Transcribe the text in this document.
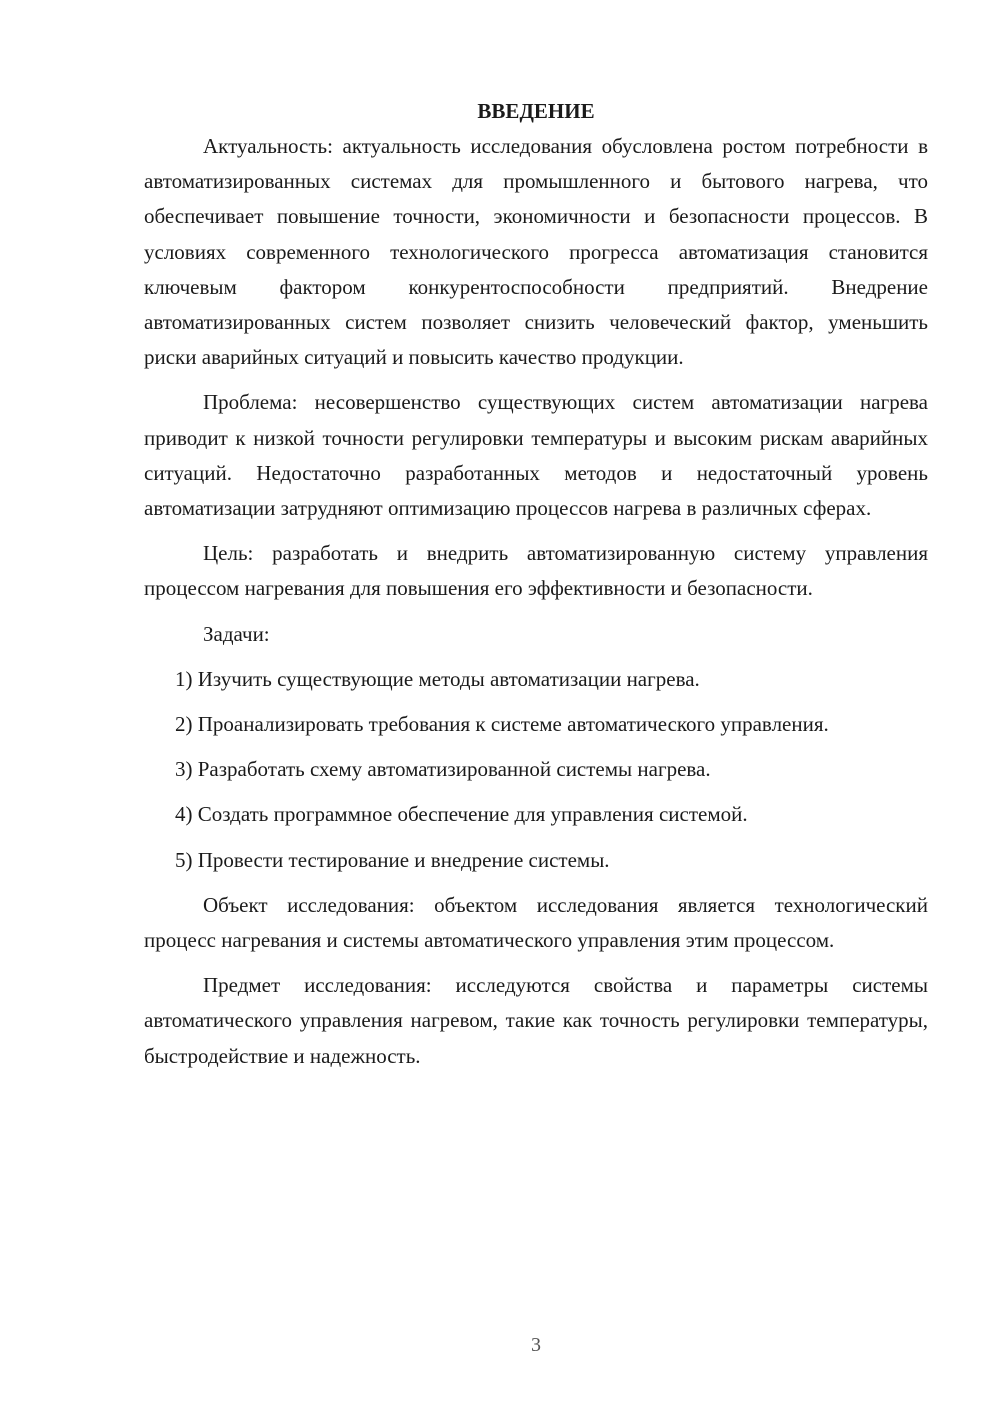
ВВЕДЕНИЕ

Актуальность: актуальность исследования обусловлена ростом потребности в автоматизированных системах для промышленного и бытового нагрева, что обеспечивает повышение точности, экономичности и безопасности процессов. В условиях современного технологического прогресса автоматизация становится ключевым фактором конкурентоспособности предприятий. Внедрение автоматизированных систем позволяет снизить человеческий фактор, уменьшить риски аварийных ситуаций и повысить качество продукции.

Проблема: несовершенство существующих систем автоматизации нагрева приводит к низкой точности регулировки температуры и высоким рискам аварийных ситуаций. Недостаточно разработанных методов и недостаточный уровень автоматизации затрудняют оптимизацию процессов нагрева в различных сферах.

Цель: разработать и внедрить автоматизированную систему управления процессом нагревания для повышения его эффективности и безопасности.

Задачи:

1) Изучить существующие методы автоматизации нагрева.

2) Проанализировать требования к системе автоматического управления.

3) Разработать схему автоматизированной системы нагрева.

4) Создать программное обеспечение для управления системой.

5) Провести тестирование и внедрение системы.

Объект исследования: объектом исследования является технологический процесс нагревания и системы автоматического управления этим процессом.

Предмет исследования: исследуются свойства и параметры системы автоматического управления нагревом, такие как точность регулировки температуры, быстродействие и надежность.

3
